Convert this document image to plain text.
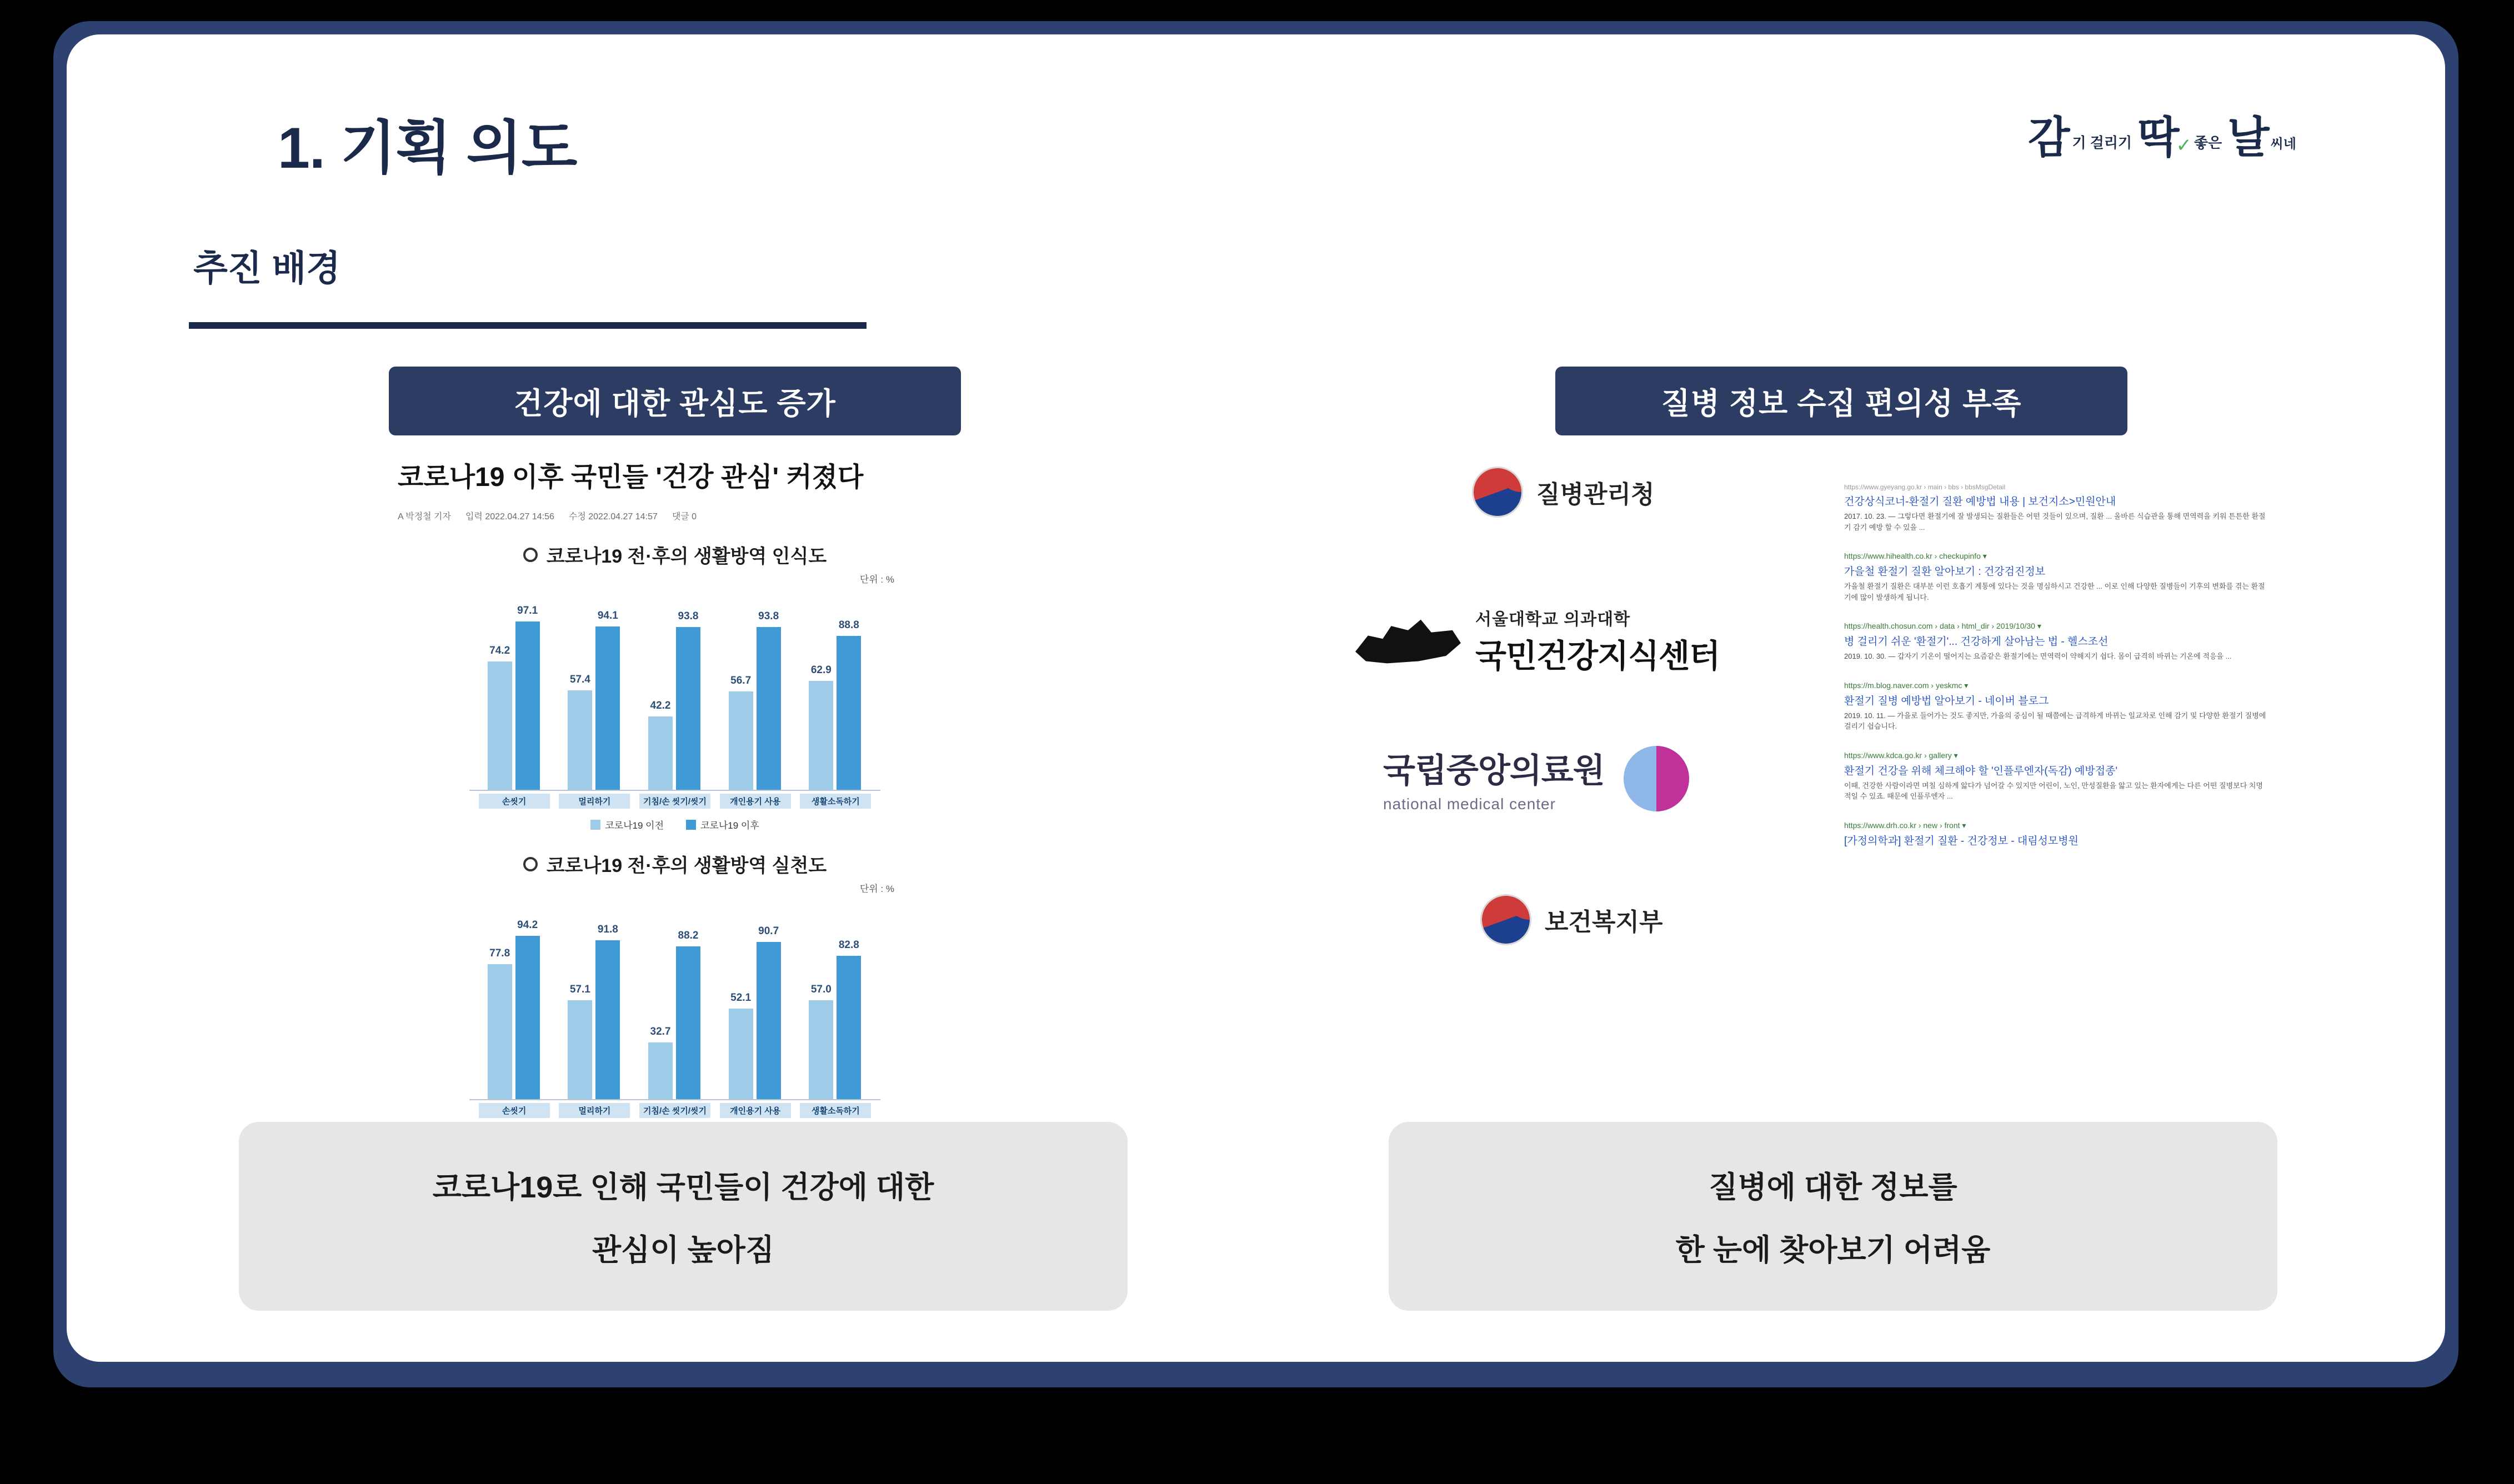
1. 기획 의도	감 기 걸리기 딱
✓ 좋은 날 씨네
추진 배경
건강에 대한 관심도 증가	질병 정보 수집 편의성 부족
코로나19 이후 국민들 '건강 관심' 커졌다
A 박정철 기자 입력 2022.04.27 14:56 수정 2022.04.27 14:57 댓글 0
코로나19 전·후의 생활방역 인식도
단위 : %
74.2
97.1
손씻기
57.4
94.1
멀리하기
42.2
93.8
기침/손 씻기/씻기
56.7
93.8
개인용기 사용
62.9
88.8
생활소독하기
코로나19 이전	코로나19 이후
코로나19 전·후의 생활방역 실천도
단위 : %
77.8
94.2
손씻기
57.1
91.8
멀리하기
32.7
88.2
기침/손 씻기/씻기
52.1
90.7
개인용기 사용
57.0
82.8
생활소독하기
질병관리청
서울대학교 의과대학
국민건강지식센터
국립중앙의료원
national medical center
보건복지부
https://www.gyeyang.go.kr › main › bbs › bbsMsgDetail
건강상식코너-환절기 질환 예방법 내용 | 보건지소>민원안내
2017. 10. 23. — 그렇다면 환절기에 잘 발생되는 질환들은 어떤 것들이 있으며, 질환 ... 올바른 식습관을 통해 면역력을 키워 튼튼한 환절기 감기 예방 할 수 있을 ...
https://www.hihealth.co.kr › checkupinfo ▾
가을철 환절기 질환 알아보기 : 건강검진정보
가을철 환절기 질환은 대부분 이런 호흡기 계통에 있다는 것을 명심하시고 건강한 ... 이로 인해 다양한 질병들이 기후의 변화를 겪는 환절기에 많이 발생하게 됩니다.
https://health.chosun.com › data › html_dir › 2019/10/30 ▾
병 걸리기 쉬운 '환절기'... 건강하게 살아남는 법 - 헬스조선
2019. 10. 30. — 갑자기 기온이 떨어지는 요즘같은 환절기에는 면역력이 약해지기 쉽다. 몸이 급격히 바뀌는 기온에 적응을 ...
https://m.blog.naver.com › yeskmc ▾
환절기 질병 예방법 알아보기 - 네이버 블로그
2019. 10. 11. — 가을로 들어가는 것도 좋지만, 가을의 중심이 될 때쯤에는 급격하게 바뀌는 일교차로 인해 감기 및 다양한 환절기 질병에 걸리기 쉽습니다.
https://www.kdca.go.kr › gallery ▾
환절기 건강을 위해 체크해야 할 '인플루엔자(독감) 예방접종'
이때, 건강한 사람이라면 며칠 심하게 앓다가 넘어갈 수 있지만 어린이, 노인, 만성질환을 앓고 있는 환자에게는 다른 어떤 질병보다 치명적일 수 있죠. 때문에 인플루엔자 ...
https://www.drh.co.kr › new › front ▾
[가정의학과] 환절기 질환 - 건강정보 - 대림성모병원
코로나19로 인해 국민들이 건강에 대한
관심이 높아짐
질병에 대한 정보를
한 눈에 찾아보기 어려움
